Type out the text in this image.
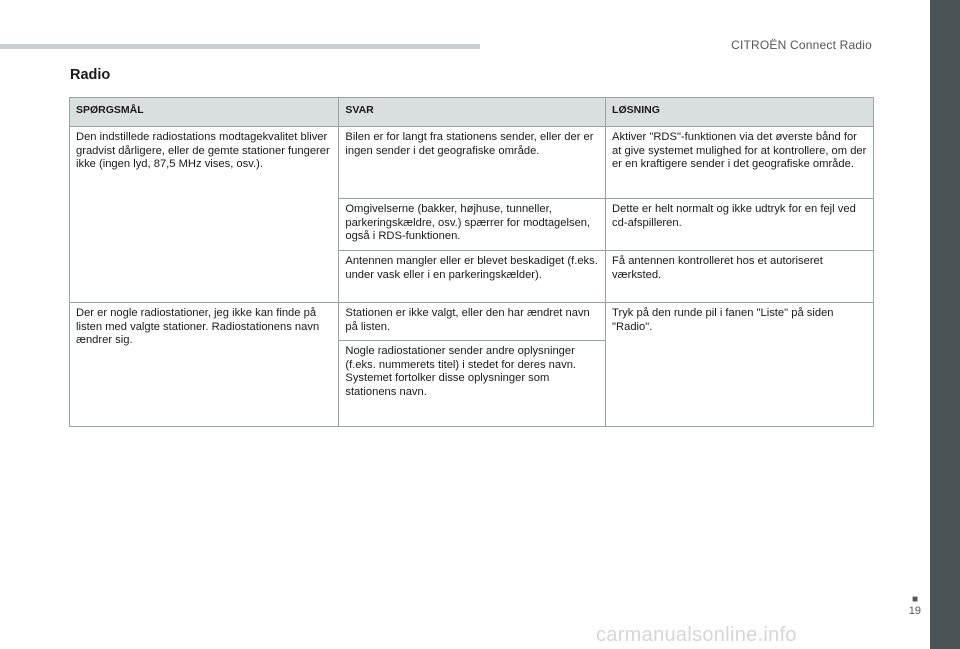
CITROËN Connect Radio
Radio
SPØRGSMÅL	SVAR	LØSNING
Den indstillede radiostations modtagekvalitet bliver gradvist dårligere, eller de gemte stationer fungerer ikke (ingen lyd, 87,5 MHz vises, osv.).	Bilen er for langt fra stationens sender, eller der er ingen sender i det geografiske område.	Aktiver "RDS"-funktionen via det øverste bånd for at give systemet mulighed for at kontrollere, om der er en kraftigere sender i det geografiske område.
	Omgivelserne (bakker, højhuse, tunneller, parkeringskældre, osv.) spærrer for modtagelsen, også i RDS-funktionen.	Dette er helt normalt og ikke udtryk for en fejl ved cd-afspilleren.
	Antennen mangler eller er blevet beskadiget (f.eks. under vask eller i en parkeringskælder).	Få antennen kontrolleret hos et autoriseret værksted.
Der er nogle radiostationer, jeg ikke kan finde på listen med valgte stationer. Radiostationens navn ændrer sig.	Stationen er ikke valgt, eller den har ændret navn på listen.	Tryk på den runde pil i fanen "Liste" på siden "Radio".
	Nogle radiostationer sender andre oplysninger (f.eks. nummerets titel) i stedet for deres navn. Systemet fortolker disse oplysninger som stationens navn.	
■
19
carmanualsonline.info
